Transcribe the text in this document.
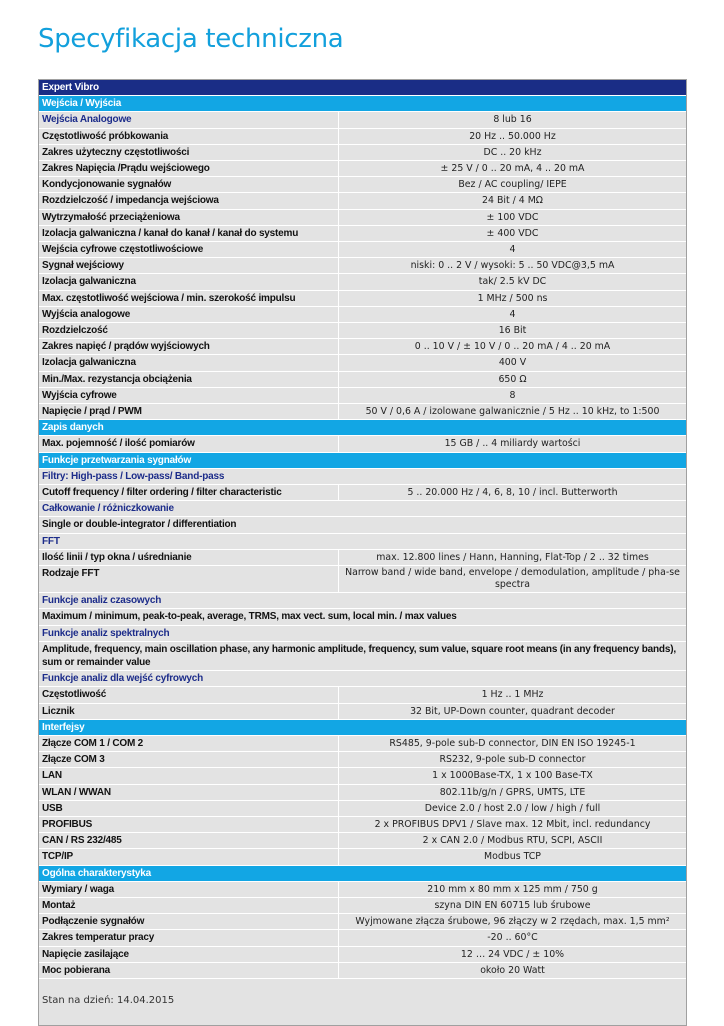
Specyfikacja techniczna
Expert Vibro
Wejścia / Wyjścia
Wejścia Analogowe	8 lub 16
Częstotliwość próbkowania	20 Hz .. 50.000 Hz
Zakres użyteczny częstotliwości	DC .. 20 kHz
Zakres Napięcia /Prądu wejściowego	± 25 V / 0 .. 20 mA, 4 .. 20 mA
Kondycjonowanie sygnałów	Bez / AC coupling/ IEPE
Rozdzielczość / impedancja wejściowa	24 Bit / 4 MΩ
Wytrzymałość przeciążeniowa	± 100 VDC
Izolacja galwaniczna / kanał do kanał / kanał do systemu	± 400 VDC
Wejścia cyfrowe częstotliwościowe	4
Sygnał wejściowy	niski: 0 .. 2 V / wysoki: 5 .. 50 VDC@3,5 mA
Izolacja galwaniczna	tak/ 2.5 kV DC
Max. częstotliwość wejściowa / min. szerokość impulsu	1 MHz / 500 ns
Wyjścia analogowe	4
Rozdzielczość	16 Bit
Zakres napięć / prądów wyjściowych	0 .. 10 V / ± 10 V / 0 .. 20 mA / 4 .. 20 mA
Izolacja galwaniczna	400 V
Min./Max. rezystancja obciążenia	650 Ω
Wyjścia cyfrowe	8
Napięcie / prąd / PWM	50 V / 0,6 A / izolowane galwanicznie / 5 Hz .. 10 kHz, to 1:500
Zapis danych
Max. pojemność / ilość pomiarów	15 GB / .. 4 miliardy wartości
Funkcje przetwarzania sygnałów
Filtry: High-pass / Low-pass/ Band-pass
Cutoff frequency / filter ordering / filter characteristic	5 .. 20.000 Hz / 4, 6, 8, 10 / incl. Butterworth
Całkowanie / różniczkowanie
Single or double-integrator / differentiation
FFT
Ilość linii / typ okna / uśrednianie	max. 12.800 lines / Hann, Hanning, Flat-Top / 2 .. 32 times
Rodzaje FFT	Narrow band / wide band, envelope / demodulation, amplitude / pha-se spectra
Funkcje analiz czasowych
Maximum / minimum, peak-to-peak, average, TRMS, max vect. sum, local min. / max values
Funkcje analiz spektralnych
Amplitude, frequency, main oscillation phase, any harmonic amplitude, frequency, sum value, square root means (in any frequency bands), sum or remainder value
Funkcje analiz dla wejść cyfrowych
Częstotliwość	1 Hz .. 1 MHz
Licznik	32 Bit, UP-Down counter, quadrant decoder
Interfejsy
Złącze COM 1 / COM 2	RS485, 9-pole sub-D connector, DIN EN ISO 19245-1
Złącze COM 3	RS232, 9-pole sub-D connector
LAN	1 x 1000Base-TX, 1 x 100 Base-TX
WLAN / WWAN	802.11b/g/n / GPRS, UMTS, LTE
USB	Device 2.0 / host 2.0 / low / high / full
PROFIBUS	2 x PROFIBUS DPV1 / Slave max. 12 Mbit, incl. redundancy
CAN / RS 232/485	2 x CAN 2.0 / Modbus RTU, SCPI, ASCII
TCP/IP	Modbus TCP
Ogólna charakterystyka
Wymiary / waga	210 mm x 80 mm x 125 mm / 750 g
Montaż	szyna DIN EN 60715 lub śrubowe
Podłączenie sygnałów	Wyjmowane złącza śrubowe, 96 złączy w 2 rzędach, max. 1,5 mm²
Zakres temperatur pracy	-20 .. 60°C
Napięcie zasilające	12 … 24 VDC / ± 10%
Moc pobierana	około 20 Watt
Stan na dzień: 14.04.2015
